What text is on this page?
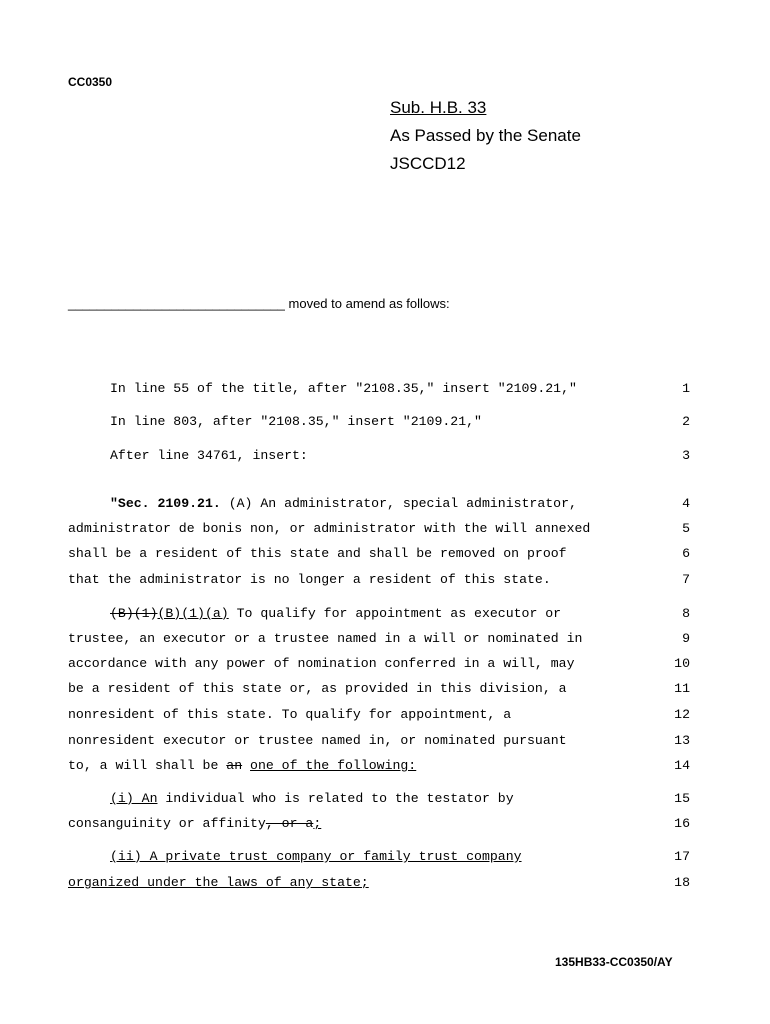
CC0350
Sub. H.B. 33
As Passed by the Senate
JSCCD12
______________________________ moved to amend as follows:

In line 55 of the title, after "2108.35," insert "2109.21,"

	1

In line 803, after "2108.35," insert "2109.21,"

	2

After line 34761, insert:

	3

"Sec. 2109.21. (A) An administrator, special administrator,

	4

administrator de bonis non, or administrator with the will annexed

	5

shall be a resident of this state and shall be removed on proof

	6

that the administrator is no longer a resident of this state.

	7

(B)(1)(B)(1)(a) To qualify for appointment as executor or

	8

trustee, an executor or a trustee named in a will or nominated in

	9

accordance with any power of nomination conferred in a will, may

	10

be a resident of this state or, as provided in this division, a

	11

nonresident of this state. To qualify for appointment, a

	12

nonresident executor or trustee named in, or nominated pursuant

	13

to, a will shall be an one of the following:

	14

(i) An individual who is related to the testator by

	15

consanguinity or affinity, or a;

	16

(ii) A private trust company or family trust company

	17

organized under the laws of any state;

	18

135HB33-CC0350/AY
